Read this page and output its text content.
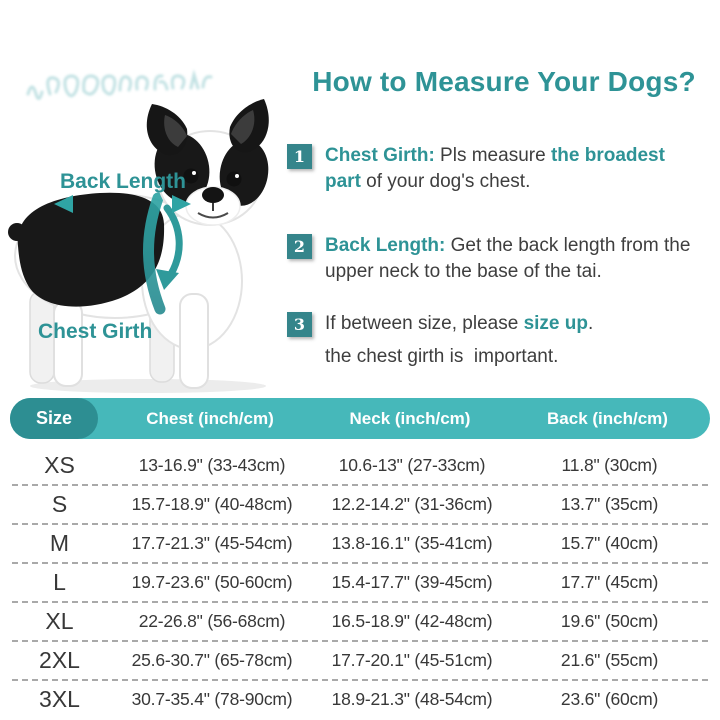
How to Measure Your Dogs?
Back Length
Chest Girth
1	Chest Girth: Pls measure the broadest part of your dog's chest.
2	Back Length: Get the back length from the upper neck to the base of the tai.
3	If between size, please size up.
the chest girth is  important.
Size	Chest (inch/cm)	Neck (inch/cm)	Back (inch/cm)
XS	13-16.9" (33-43cm)	10.6-13" (27-33cm)	11.8" (30cm)
S	15.7-18.9" (40-48cm)	12.2-14.2" (31-36cm)	13.7" (35cm)
M	17.7-21.3" (45-54cm)	13.8-16.1" (35-41cm)	15.7" (40cm)
L	19.7-23.6" (50-60cm)	15.4-17.7" (39-45cm)	17.7" (45cm)
XL	22-26.8" (56-68cm)	16.5-18.9" (42-48cm)	19.6" (50cm)
2XL	25.6-30.7" (65-78cm)	17.7-20.1" (45-51cm)	21.6" (55cm)
3XL	30.7-35.4" (78-90cm)	18.9-21.3" (48-54cm)	23.6" (60cm)
